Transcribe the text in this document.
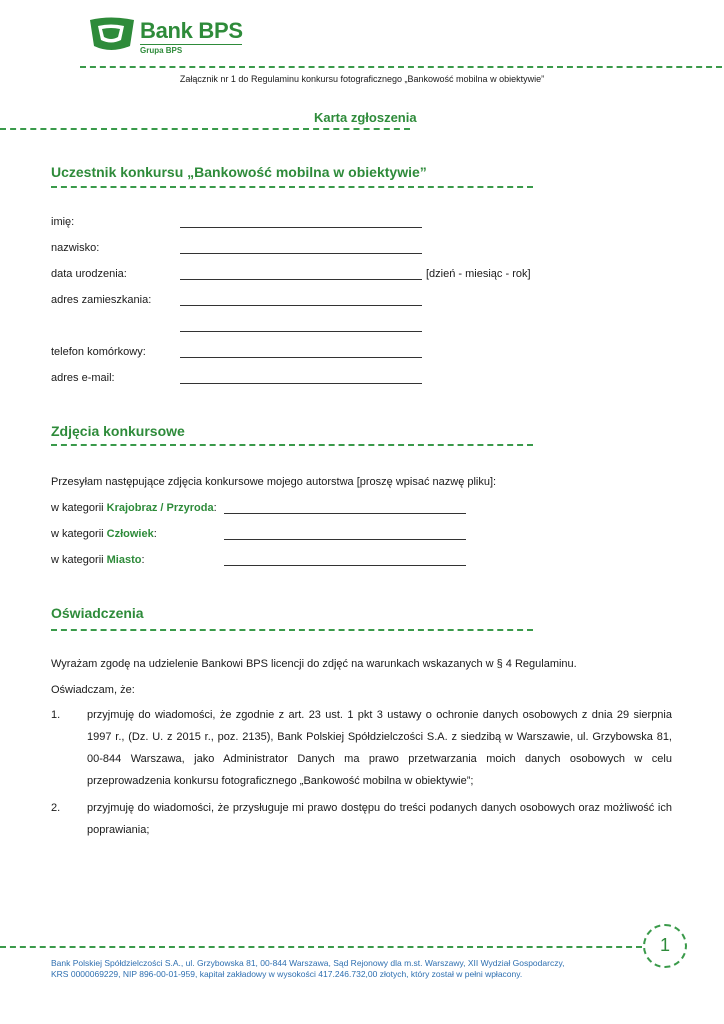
Bank BPS
Grupa BPS
Załącznik nr 1 do Regulaminu konkursu fotograficznego „Bankowość mobilna w obiektywie”
Karta zgłoszenia
Uczestnik konkursu „Bankowość mobilna w obiektywie”
imię:
nazwisko:
data urodzenia:	[dzień - miesiąc - rok]
adres zamieszkania:
telefon komórkowy:
adres e-mail:
Zdjęcia konkursowe
Przesyłam następujące zdjęcia konkursowe mojego autorstwa [proszę wpisać nazwę pliku]:
w kategorii Krajobraz / Przyroda:
w kategorii Człowiek:
w kategorii Miasto:
Oświadczenia
Wyrażam zgodę na udzielenie Bankowi BPS licencji do zdjęć na warunkach wskazanych w § 4 Regulaminu.
Oświadczam, że:
1. przyjmuję do wiadomości, że zgodnie z art. 23 ust. 1 pkt 3 ustawy o ochronie danych osobowych z dnia 29 sierpnia 1997 r., (Dz. U. z 2015 r., poz. 2135), Bank Polskiej Spółdzielczości S.A. z siedzibą w Warszawie, ul. Grzybowska 81, 00-844 Warszawa, jako Administrator Danych ma prawo przetwarzania moich danych osobowych w celu przeprowadzenia konkursu fotograficznego „Bankowość mobilna w obiektywie”;
2. przyjmuję do wiadomości, że przysługuje mi prawo dostępu do treści podanych danych osobowych oraz możliwość ich poprawiania;
1
Bank Polskiej Spółdzielczości S.A., ul. Grzybowska 81, 00-844 Warszawa, Sąd Rejonowy dla m.st. Warszawy, XII Wydział Gospodarczy,
KRS 0000069229, NIP 896-00-01-959, kapitał zakładowy w wysokości 417.246.732,00 złotych, który został w pełni wpłacony.
